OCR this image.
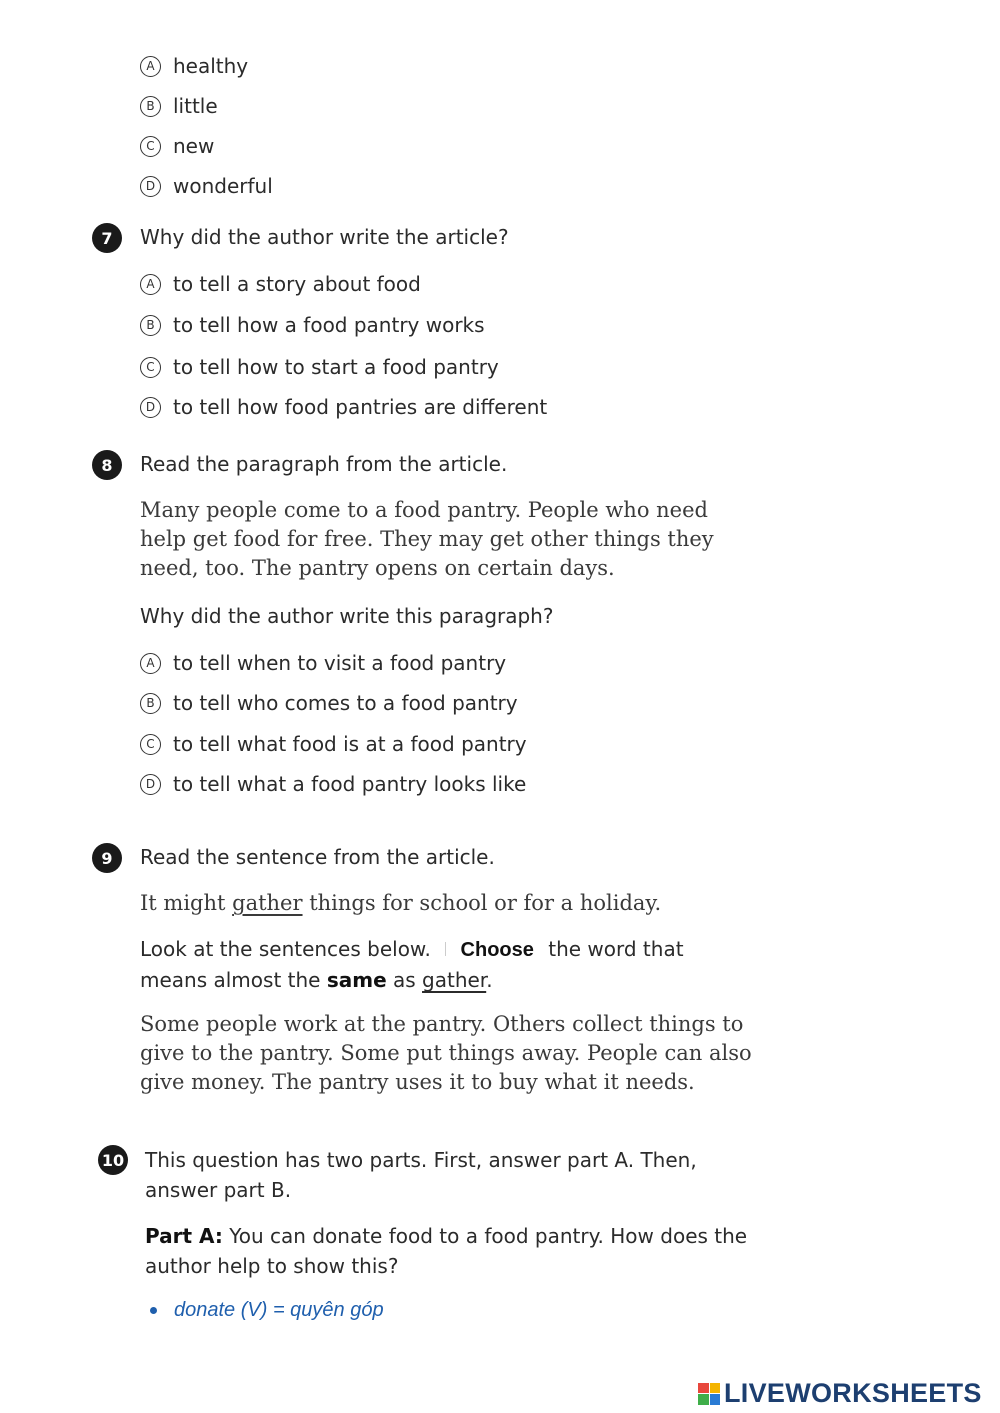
A healthy
B little
C new
D wonderful
7	Why did the author write the article?
A to tell a story about food
B to tell how a food pantry works
C to tell how to start a food pantry
D to tell how food pantries are different
8	Read the paragraph from the article.
Many people come to a food pantry. People who need help get food for free. They may get other things they need, too. The pantry opens on certain days.
Why did the author write this paragraph?
A to tell when to visit a food pantry
B to tell who comes to a food pantry
C to tell what food is at a food pantry
D to tell what a food pantry looks like
9	Read the sentence from the article.
It might gather things for school or for a holiday.
Look at the sentences below. Choose the word that
means almost the same as gather.
Some people work at the pantry. Others collect things to give to the pantry. Some put things away. People can also give money. The pantry uses it to buy what it needs.
10 This question has two parts. First, answer part A. Then, answer part B.
Part A: You can donate food to a food pantry. How does the author help to show this?
donate (V) = quyên góp
LIVEWORKSHEETS
